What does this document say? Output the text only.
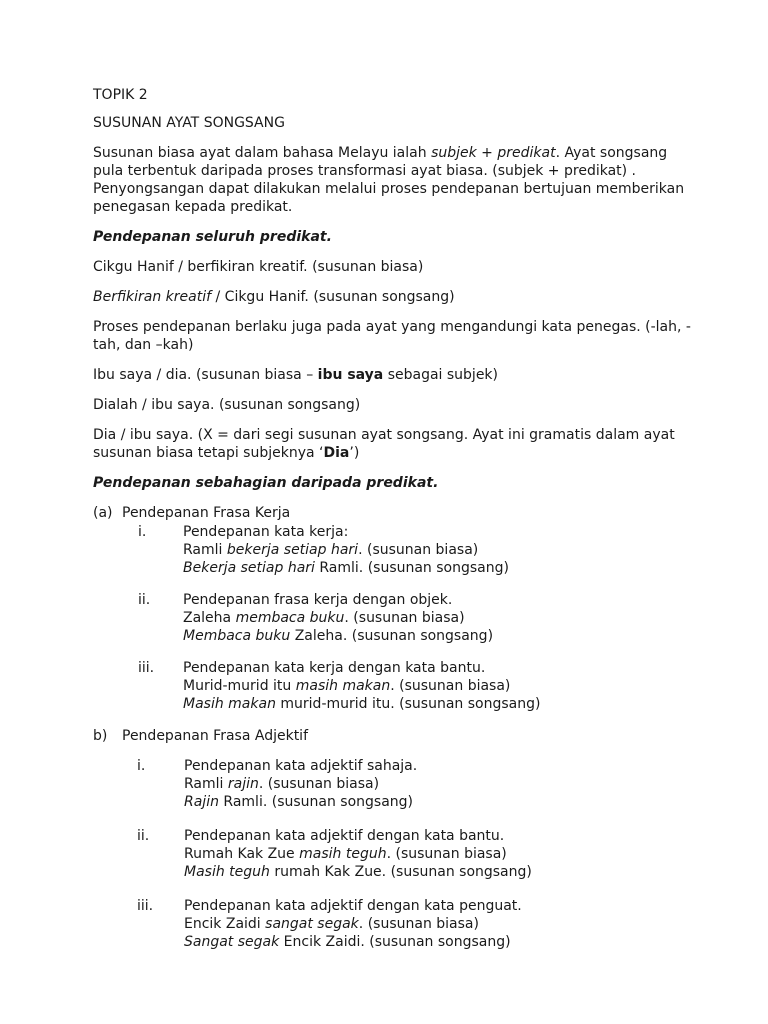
TOPIK 2

SUSUNAN AYAT SONGSANG

Susunan biasa ayat dalam bahasa Melayu ialah subjek + predikat. Ayat songsang pula terbentuk daripada proses transformasi ayat biasa. (subjek + predikat) . Penyongsangan dapat dilakukan melalui proses pendepanan bertujuan memberikan penegasan kepada predikat.

Pendepanan seluruh predikat.

Cikgu Hanif / berfikiran kreatif. (susunan biasa)

Berfikiran kreatif / Cikgu Hanif. (susunan songsang)

Proses pendepanan berlaku juga pada ayat yang mengandungi kata penegas. (-lah, -tah, dan –kah)

Ibu saya / dia. (susunan biasa – ibu saya sebagai subjek)

Dialah / ibu saya. (susunan songsang)

Dia / ibu saya. (X = dari segi susunan ayat songsang. Ayat ini gramatis dalam ayat susunan biasa tetapi subjeknya ‘Dia’)

Pendepanan sebahagian daripada predikat.

(a) Pendepanan Frasa Kerja
i.	Pendepanan kata kerja:

Ramli bekerja setiap hari. (susunan biasa)

Bekerja setiap hari Ramli. (susunan songsang)

ii.	Pendepanan frasa kerja dengan objek.

Zaleha membaca buku. (susunan biasa)

Membaca buku Zaleha. (susunan songsang)

iii.	Pendepanan kata kerja dengan kata bantu.

Murid-murid itu masih makan. (susunan biasa)

Masih makan murid-murid itu. (susunan songsang)

b)	Pendepanan Frasa Adjektif
i.	Pendepanan kata adjektif sahaja.

Ramli rajin. (susunan biasa)

Rajin Ramli. (susunan songsang)

ii.	Pendepanan kata adjektif dengan kata bantu.

Rumah Kak Zue masih teguh. (susunan biasa)

Masih teguh rumah Kak Zue. (susunan songsang)

iii.	Pendepanan kata adjektif dengan kata penguat.

Encik Zaidi sangat segak. (susunan biasa)

Sangat segak Encik Zaidi. (susunan songsang)
